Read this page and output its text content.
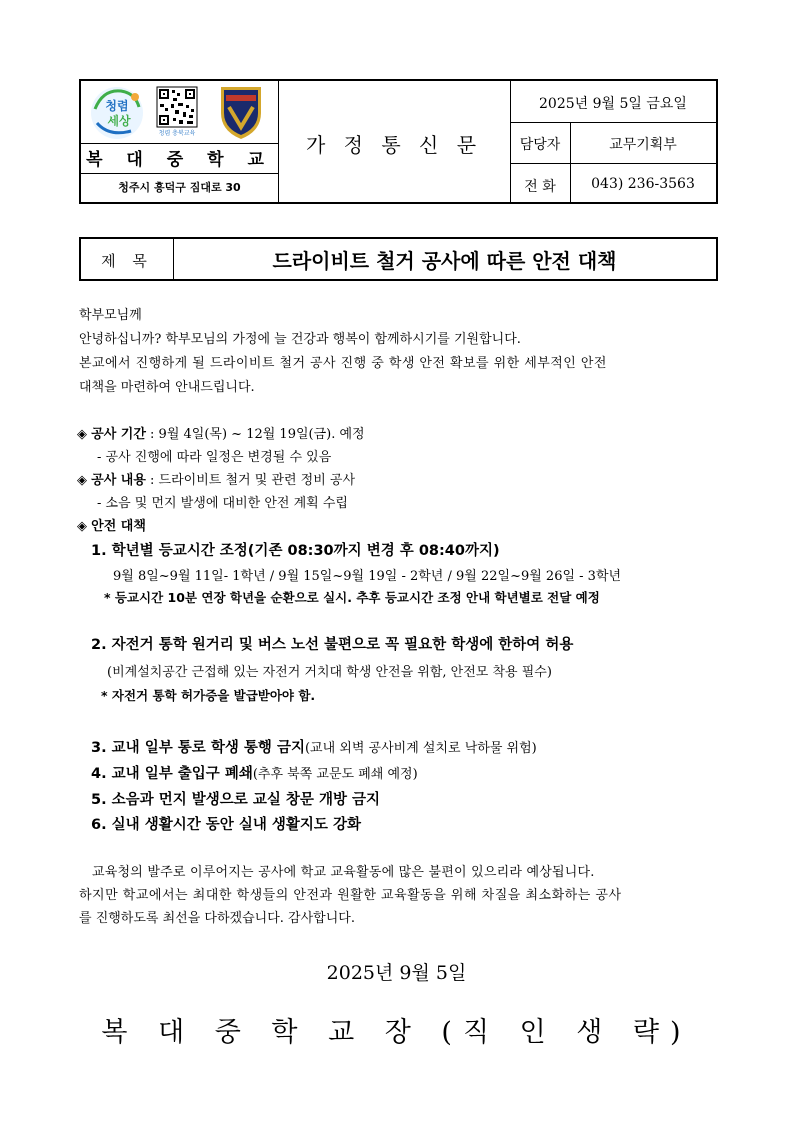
청렴
세상
청렴 충북교육
복 대 중 학 교
청주시 흥덕구 짐대로 30
가 정 통 신 문
2025년 9월 5일 금요일
담당자	교무기획부
전 화	043) 236-3563
제 목	드라이비트 철거 공사에 따른 안전 대책
학부모님께
안녕하십니까? 학부모님의 가정에 늘 건강과 행복이 함께하시기를 기원합니다.
본교에서 진행하게 될 드라이비트 철거 공사 진행 중 학생 안전 확보를 위한 세부적인 안전
대책을 마련하여 안내드립니다.
◈ 공사 기간 : 9월 4일(목) ~ 12월 19일(금). 예정
- 공사 진행에 따라 일정은 변경될 수 있음
◈ 공사 내용 : 드라이비트 철거 및 관련 정비 공사
- 소음 및 먼지 발생에 대비한 안전 계획 수립
◈ 안전 대책
1. 학년별 등교시간 조정(기존 08:30까지 변경 후 08:40까지)
9월 8일~9월 11일- 1학년 / 9월 15일~9월 19일 - 2학년 / 9월 22일~9월 26일 - 3학년
* 등교시간 10분 연장 학년을 순환으로 실시. 추후 등교시간 조정 안내 학년별로 전달 예정
2. 자전거 통학 원거리 및 버스 노선 불편으로 꼭 필요한 학생에 한하여 허용
(비계설치공간 근접해 있는 자전거 거치대 학생 안전을 위함, 안전모 착용 필수)
* 자전거 통학 허가증을 발급받아야 함.
3. 교내 일부 통로 학생 통행 금지(교내 외벽 공사비계 설치로 낙하물 위험)
4. 교내 일부 출입구 폐쇄(추후 북쪽 교문도 폐쇄 예정)
5. 소음과 먼지 발생으로 교실 창문 개방 금지
6. 실내 생활시간 동안 실내 생활지도 강화
교육청의 발주로 이루어지는 공사에 학교 교육활동에 많은 불편이 있으리라 예상됩니다.
하지만 학교에서는 최대한 학생들의 안전과 원활한 교육활동을 위해 차질을 최소화하는 공사
를 진행하도록 최선을 다하겠습니다. 감사합니다.
2025년 9월 5일
복 대 중 학 교 장 (직 인 생 략)
